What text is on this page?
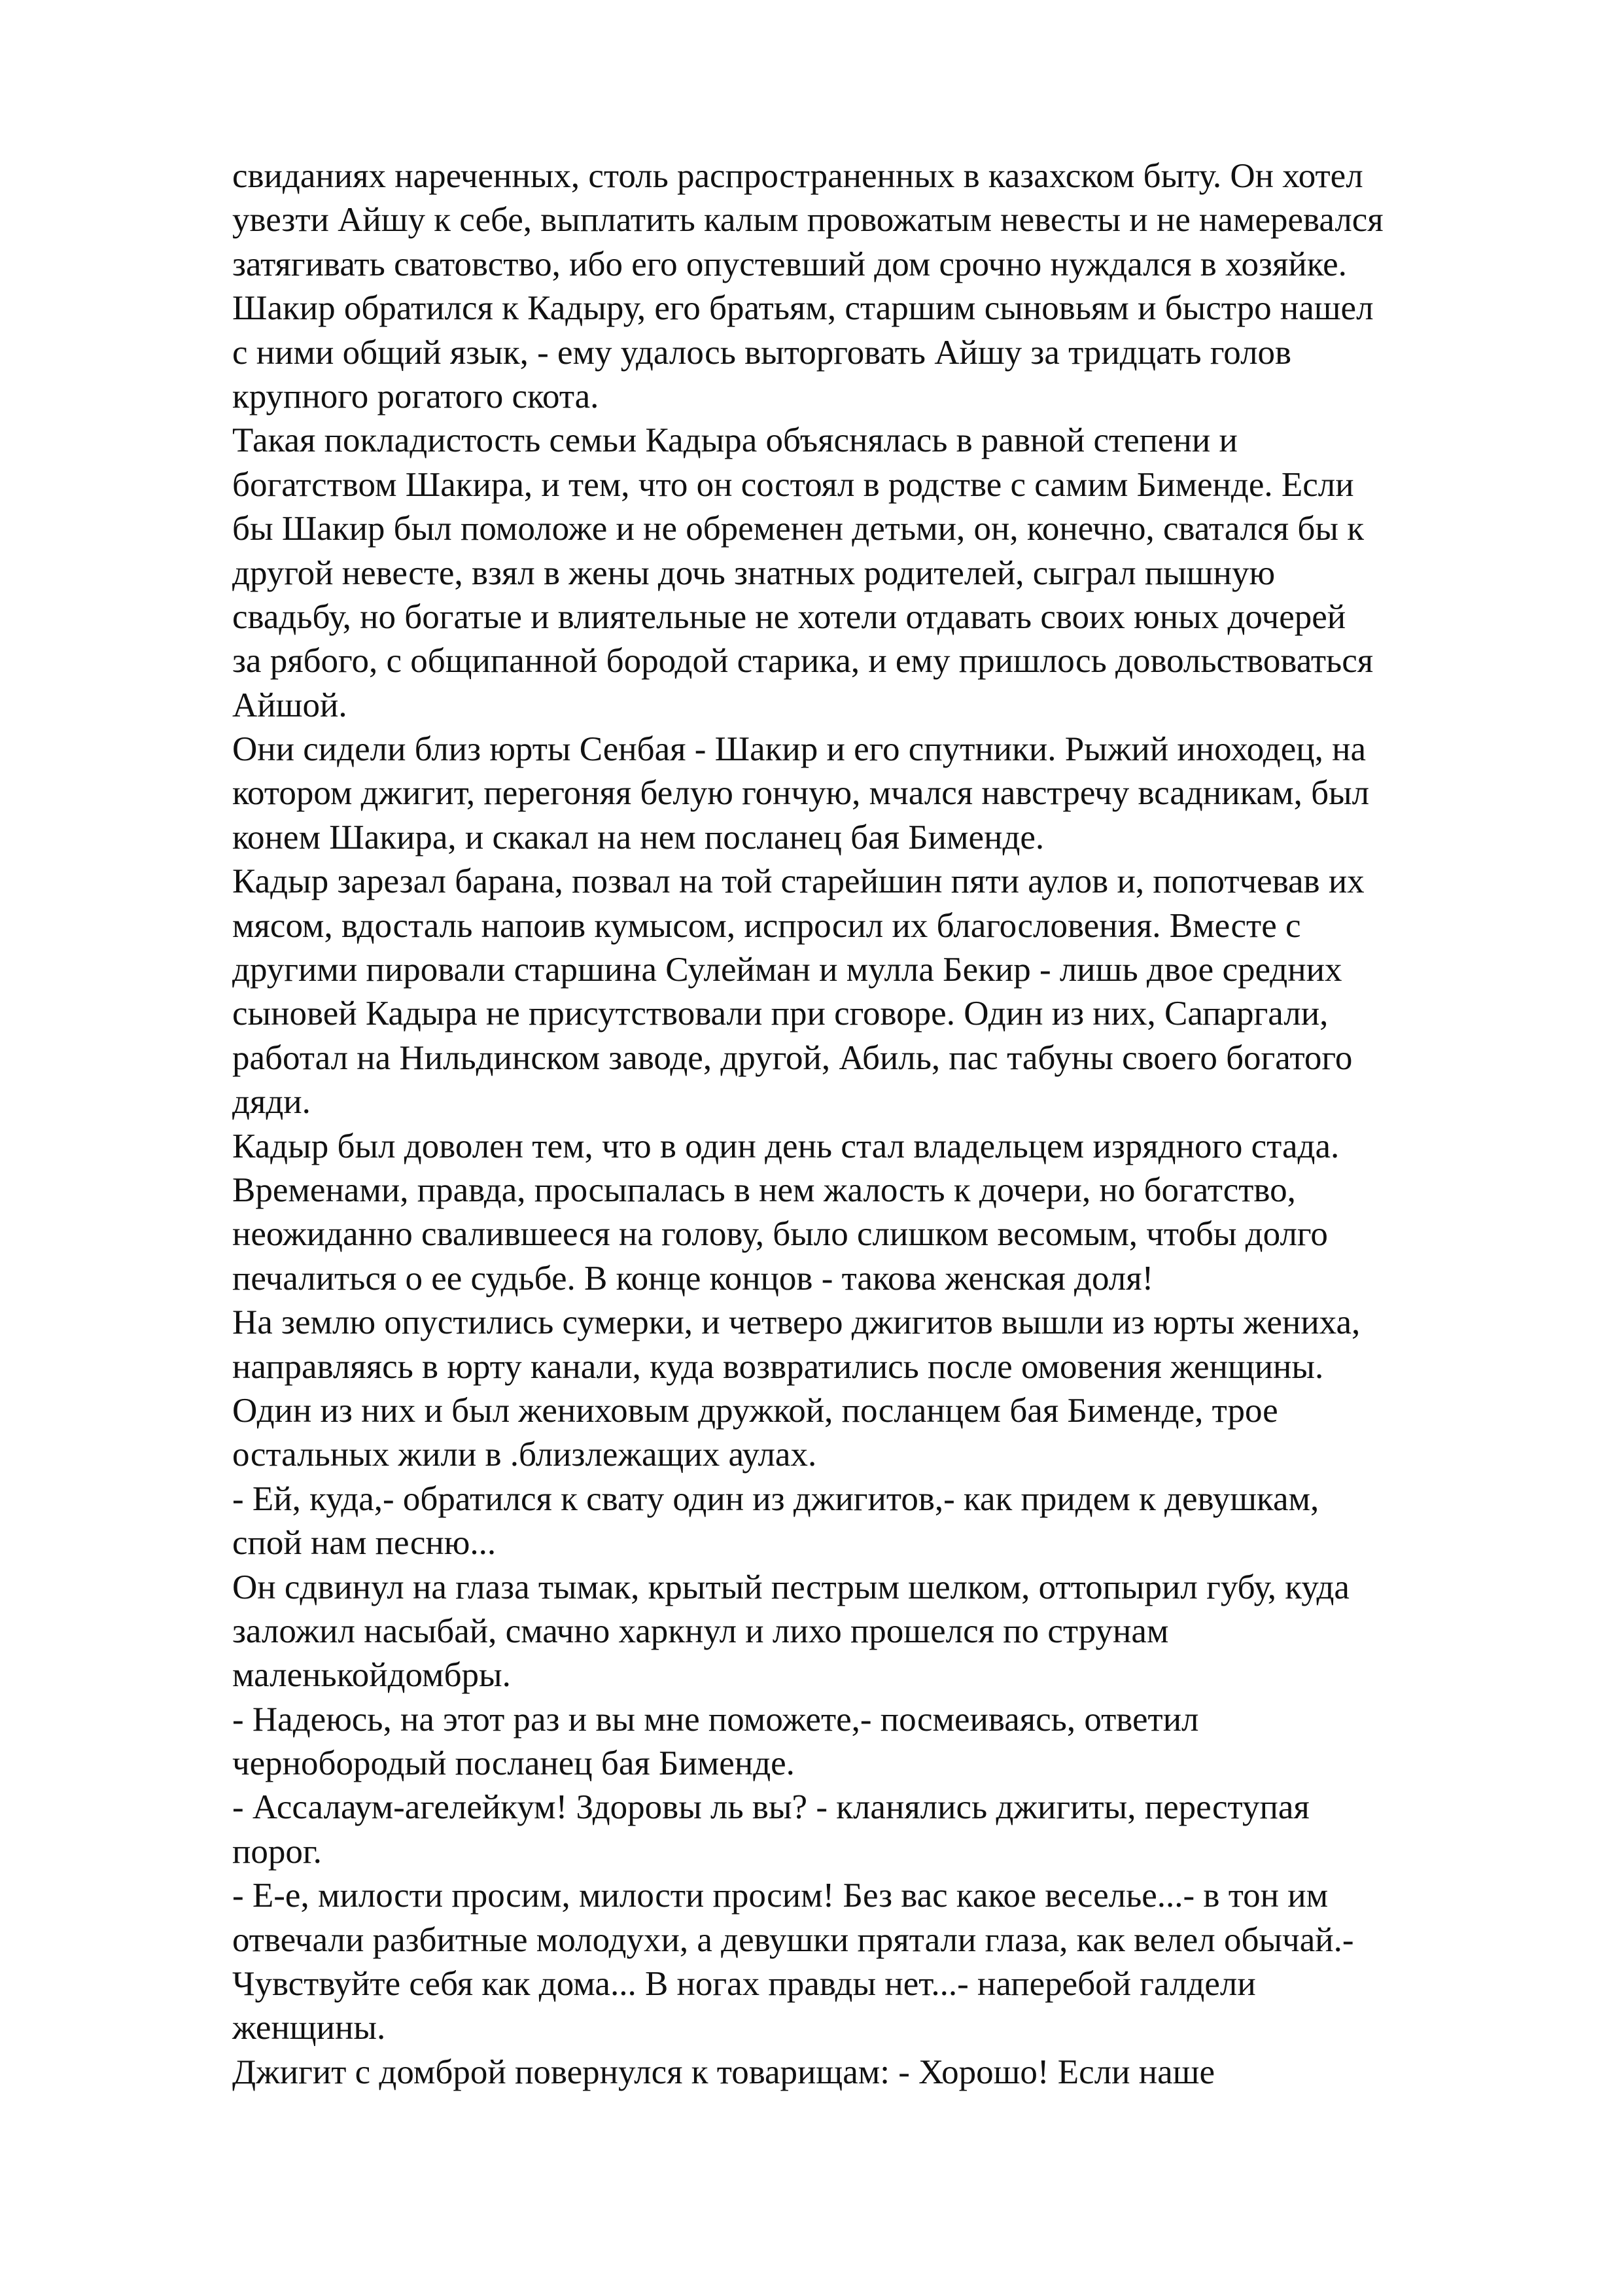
свиданиях нареченных, столь распространенных в казахском быту. Он хотел
увезти Айшу к себе, выплатить калым провожатым невесты и не намеревался
затягивать сватовство, ибо его опустевший дом срочно нуждался в хозяйке.
Шакир обратился к Кадыру, его братьям, старшим сыновьям и быстро нашел
с ними общий язык, - ему удалось выторговать Айшу за тридцать голов
крупного рогатого скота.
Такая покладистость семьи Кадыра объяснялась в равной степени и
богатством Шакира, и тем, что он состоял в родстве с самим Бименде. Если
бы Шакир был помоложе и не обременен детьми, он, конечно, сватался бы к
другой невесте, взял в жены дочь знатных родителей, сыграл пышную
свадьбу, но богатые и влиятельные не хотели отдавать своих юных дочерей
за рябого, с общипанной бородой старика, и ему пришлось довольствоваться
Айшой.
Они сидели близ юрты Сенбая - Шакир и его спутники. Рыжий иноходец, на
котором джигит, перегоняя белую гончую, мчался навстречу всадникам, был
конем Шакира, и скакал на нем посланец бая Бименде.
Кадыр зарезал барана, позвал на той старейшин пяти аулов и, попотчевав их
мясом, вдосталь напоив кумысом, испросил их благословения. Вместе с
другими пировали старшина Сулейман и мулла Бекир - лишь двое средних
сыновей Кадыра не присутствовали при сговоре. Один из них, Сапаргали,
работал на Нильдинском заводе, другой, Абиль, пас табуны своего богатого
дяди.
Кадыр был доволен тем, что в один день стал владельцем изрядного стада.
Временами, правда, просыпалась в нем жалость к дочери, но богатство,
неожиданно свалившееся на голову, было слишком весомым, чтобы долго
печалиться о ее судьбе. В конце концов - такова женская доля!
На землю опустились сумерки, и четверо джигитов вышли из юрты жениха,
направляясь в юрту канали, куда возвратились после омовения женщины.
Один из них и был жениховым дружкой, посланцем бая Бименде, трое
остальных жили в .близлежащих аулах.
- Ей, куда,- обратился к свату один из джигитов,- как придем к девушкам,
спой нам песню...
Он сдвинул на глаза тымак, крытый пестрым шелком, оттопырил губу, куда
заложил насыбай, смачно харкнул и лихо прошелся по струнам
маленькойдомбры.
- Надеюсь, на этот раз и вы мне поможете,- посмеиваясь, ответил
чернобородый посланец бая Бименде.
- Ассалаум-агелейкум! Здоровы ль вы? - кланялись джигиты, переступая
порог.
- Е-е, милости просим, милости просим! Без вас какое веселье...- в тон им
отвечали разбитные молодухи, а девушки прятали глаза, как велел обычай.-
Чувствуйте себя как дома... В ногах правды нет...- наперебой галдели
женщины.
Джигит с домброй повернулся к товарищам: - Хорошо! Если наше
